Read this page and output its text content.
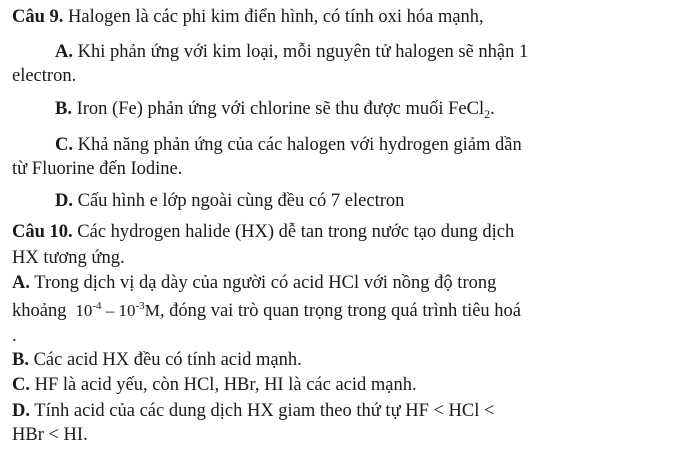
Câu 9. Halogen là các phi kim điển hình, có tính oxi hóa mạnh,
A. Khi phản ứng với kim loại, mỗi nguyên tử halogen sẽ nhận 1
electron.
B. Iron (Fe) phản ứng với chlorine sẽ thu được muối FeCl$_2$.
C. Khả năng phản ứng của các halogen với hydrogen giảm dần
từ Fluorine đến Iodine.
D. Cấu hình e lớp ngoài cùng đều có 7 electron
Câu 10. Các hydrogen halide (HX) dễ tan trong nước tạo dung dịch
HX tương ứng.
A. Trong dịch vị dạ dày của người có acid HCl với nồng độ trong
khoảng $10^{-4} - 10^{-3}M$, đóng vai trò quan trọng trong quá trình tiêu hoá
.
B. Các acid HX đều có tính acid mạnh.
C. HF là acid yếu, còn HCl, HBr, HI là các acid mạnh.
D. Tính acid của các dung dịch HX giam theo thứ tự HF < HCl <
HBr < HI.
